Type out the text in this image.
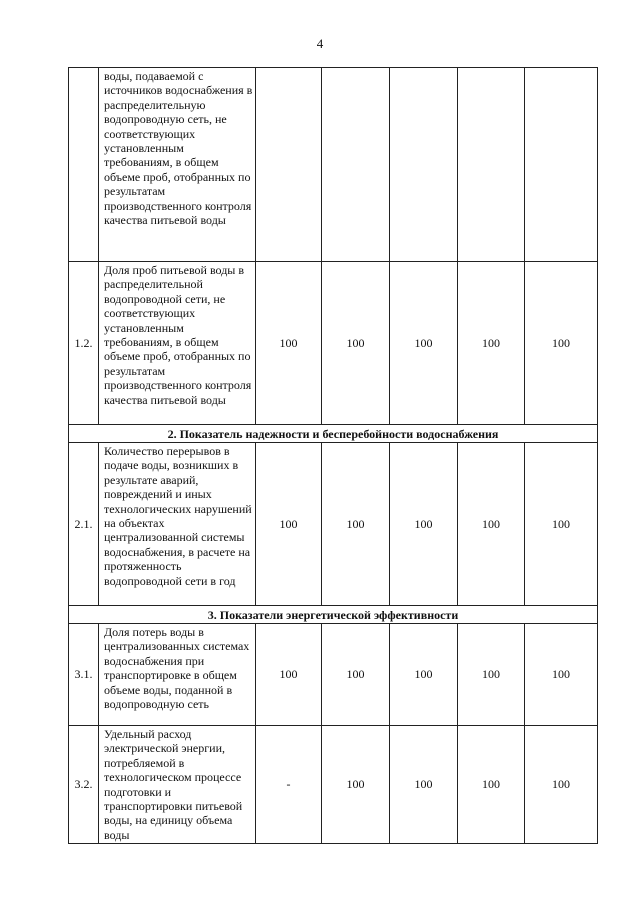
4
	воды, подаваемой с источников водоснабжения в распределительную водопроводную сеть, не соответствующих установленным требованиям, в общем объеме проб, отобранных по результатам производственного контроля качества питьевой воды					
1.2.	Доля проб питьевой воды в распределительной водопроводной сети, не соответствующих установленным требованиям, в общем объеме проб, отобранных по результатам производственного контроля качества питьевой воды	100	100	100	100	100
2. Показатель надежности и бесперебойности водоснабжения						
2.1.	Количество перерывов в подаче воды, возникших в результате аварий, повреждений и иных технологических нарушений на объектах централизованной системы водоснабжения, в расчете на протяженность водопроводной сети в год	100	100	100	100	100
3. Показатели энергетической эффективности						
3.1.	Доля потерь воды в централизованных системах водоснабжения при транспортировке в общем объеме воды, поданной в водопроводную сеть	100	100	100	100	100
3.2.	Удельный расход электрической энергии, потребляемой в технологическом процессе подготовки и транспортировки питьевой воды, на единицу объема воды	-	100	100	100	100
